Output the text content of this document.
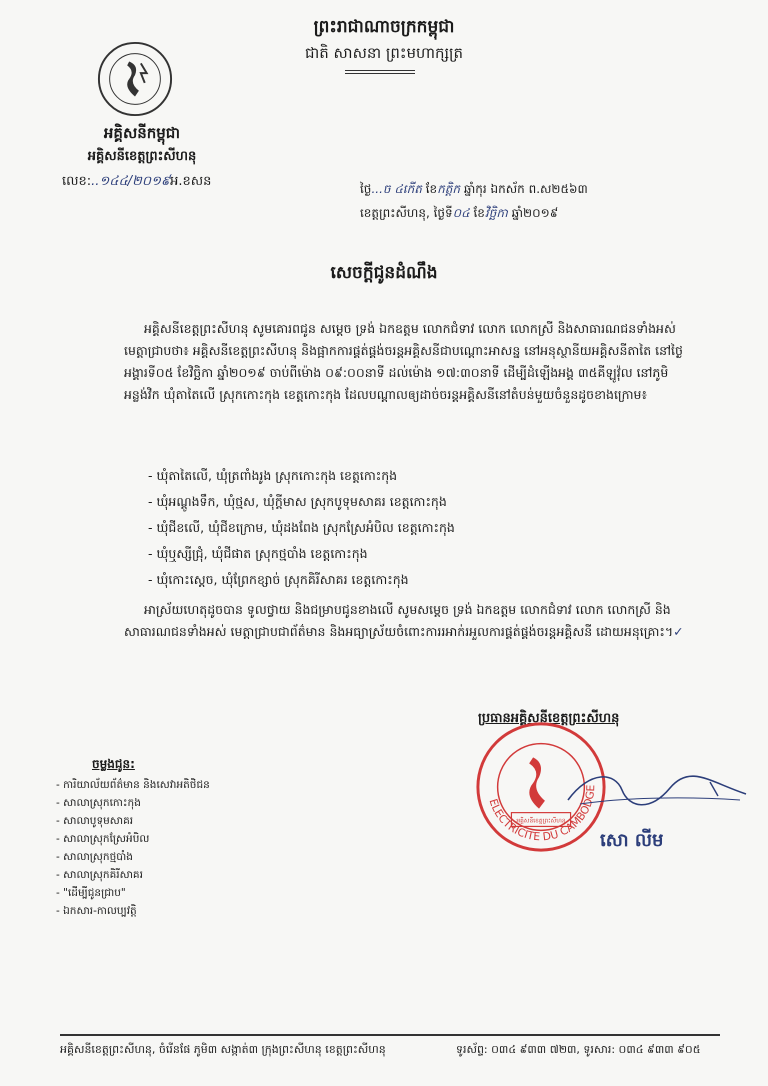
ព្រះរាជាណាចក្រកម្ពុជា
ជាតិ សាសនា ព្រះមហាក្សត្រ
អគ្គិសនីកម្ពុជា
អគ្គិសនីខេត្តព្រះសីហនុ
លេខ:..១៤៤/២០១៩អ.ខសន	ថ្ងៃ...ច ៤កើត ខែកត្តិក ឆ្នាំកុរ ឯកស័ក ព.ស២៥៦៣
ខេត្តព្រះសីហនុ, ថ្ងៃទី០៤ ខែវិច្ឆិកា ឆ្នាំ២០១៩
សេចក្តីជូនដំណឹង
អគ្គិសនីខេត្តព្រះសីហនុ សូមគោរពជូន សម្តេច ទ្រង់ ឯកឧត្តម លោកជំទាវ លោក លោកស្រី និងសាធារណជនទាំងអស់មេត្តាជ្រាបថា៖ អគ្គិសនីខេត្តព្រះសីហនុ និងផ្អាកការផ្គត់ផ្គង់ចរន្តអគ្គិសនីជាបណ្តោះអាសន្ន នៅអនុស្ថានីយអគ្គិសនីតាតៃ នៅថ្ងៃអង្គារទី០៥ ខែវិច្ឆិកា ឆ្នាំ២០១៩ ចាប់ពីម៉ោង ០៩:០០នាទី ដល់ម៉ោង ១៧:៣០នាទី ដើម្បីដំឡើងអង្គ ៣៥គីឡូវ៉ុល នៅភូមិអន្លង់វិក ឃុំតាតៃលើ ស្រុកកោះកុង ខេត្តកោះកុង ដែលបណ្តាលឲ្យដាច់ចរន្តអគ្គិសនីនៅតំបន់មួយចំនួនដូចខាងក្រោម៖
- ឃុំតាតៃលើ, ឃុំត្រពាំងរូង ស្រុកកោះកុង ខេត្តកោះកុង
- ឃុំអណ្តូងទឹក, ឃុំថ្មស, ឃុំក្តីមាស ស្រុកបូទុមសាគរ ខេត្តកោះកុង
- ឃុំជីខលើ, ឃុំជីខក្រោម, ឃុំដងពែង ស្រុកស្រែអំបិល ខេត្តកោះកុង
- ឃុំឬស្សីជ្រុំ, ឃុំជីផាត ស្រុកថ្មបាំង ខេត្តកោះកុង
- ឃុំកោះស្តេច, ឃុំព្រែកខ្សាច់ ស្រុកគិរីសាគរ ខេត្តកោះកុង
អាស្រ័យហេតុដូចបាន ទូលថ្វាយ និងជម្រាបជូនខាងលើ សូមសម្តេច ទ្រង់ ឯកឧត្តម លោកជំទាវ លោក លោកស្រី និងសាធារណជនទាំងអស់ មេត្តាជ្រាបជាព័ត៌មាន និងអធ្យាស្រ័យចំពោះការរអាក់រអួលការផ្គត់ផ្គង់ចរន្តអគ្គិសនី ដោយអនុគ្រោះ។✓
ប្រធានអគ្គិសនីខេត្តព្រះសីហនុ
ELECTRICITE DU CAMBODGE
អគ្គិសនីខេត្តព្រះសីហនុ
សោ លីម
ចម្លងជូន:
- ការិយាល័យព័ត៌មាន និងសេវាអតិថិជន
- សាលាស្រុកកោះកុង
- សាលាបូទុមសាគរ
- សាលាស្រុកស្រែអំបិល
- សាលាស្រុកថ្មបាំង
- សាលាស្រុកគិរីសាគរ
- "ដើម្បីជូនជ្រាប"
- ឯកសារ-កាលប្បវត្តិ
អគ្គិសនីខេត្តព្រះសីហនុ, ចំរើនផែ ភូមិ៣ សង្កាត់៣ ក្រុងព្រះសីហនុ ខេត្តព្រះសីហនុ	ទូរស័ព្ទ: ០៣៤ ៩៣៣ ៧២៣, ទូរសារ: ០៣៤ ៩៣៣ ៩០៥
